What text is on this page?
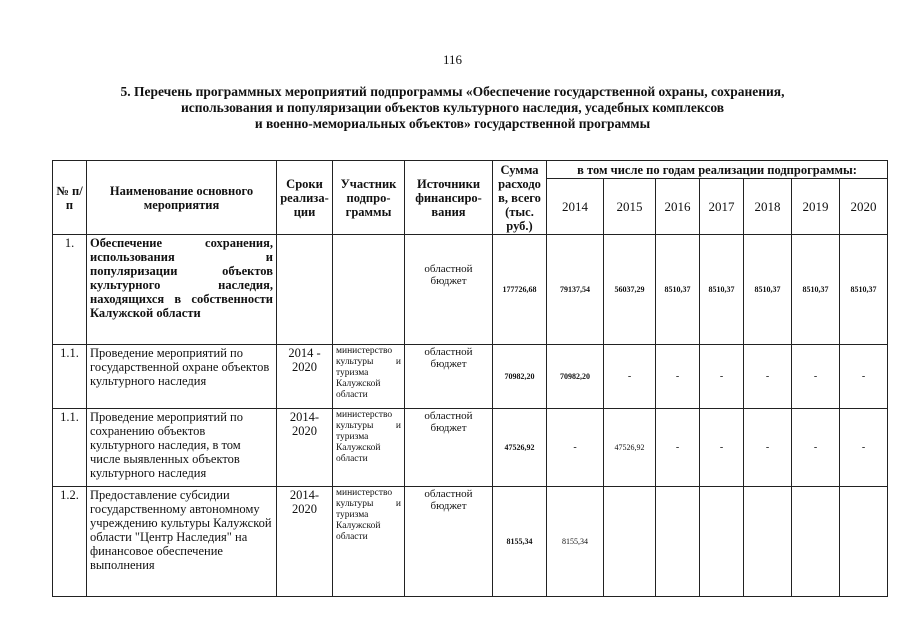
116
5. Перечень программных мероприятий подпрограммы «Обеспечение государственной охраны, сохранения,
использования и популяризации объектов культурного наследия, усадебных комплексов
и военно-мемориальных объектов» государственной программы
№ п/п	Наименование основного мероприятия	Сроки реализа-ции	Участник подпро-граммы	Источники финансиро-вания	Сумма расходо в, всего (тыс. руб.)	в том числе по годам реализации подпрограммы:						
						2014	2015	2016	2017	2018	2019	2020
1.	Обеспечение сохранения, использования и популяризации объектов культурного наследия, находящихся в собственности Калужской области			областной бюджет	177726,68	79137,54	56037,29	8510,37	8510,37	8510,37	8510,37	8510,37
1.1.	Проведение мероприятий по государственной охране объектов культурного наследия	2014 - 2020	министерство
культуры и
туризма Калужской области	областной бюджет	70982,20	70982,20	-	-	-	-	-	-
1.1.	Проведение мероприятий по сохранению объектов культурного наследия, в том числе выявленных объектов культурного наследия	2014- 2020	министерство
культуры и
туризма Калужской области	областной бюджет	47526,92	-	47526,92	-	-	-	-	-
1.2.	Предоставление субсидии государственному автономному учреждению культуры Калужской области "Центр Наследия" на финансовое обеспечение выполнения	2014- 2020	министерство
культуры и
туризма Калужской области	областной бюджет	8155,34	8155,34						
